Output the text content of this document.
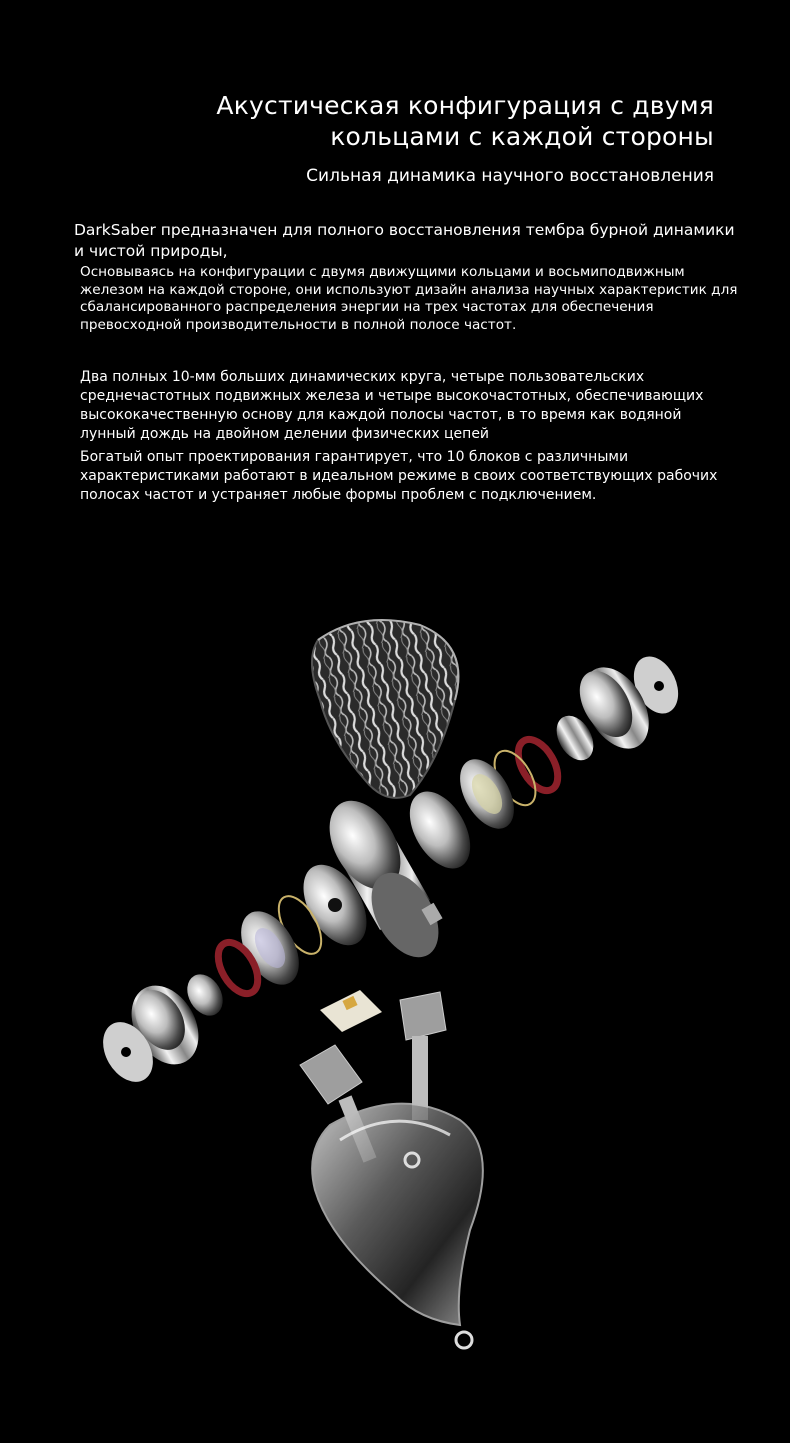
Акустическая конфигурация с двумя
кольцами с каждой стороны
Сильная динамика научного восстановления
DarkSaber предназначен для полного восстановления тембра бурной динамики и чистой природы,
Основываясь на конфигурации с двумя движущими кольцами и восьмиподвижным железом на каждой стороне, они используют дизайн анализа научных характеристик для сбалансированного распределения энергии на трех частотах для обеспечения превосходной производительности в полной полосе частот.
Два полных 10-мм больших динамических круга, четыре пользовательских среднечастотных подвижных железа и четыре высокочастотных, обеспечивающих высококачественную основу для каждой полосы частот, в то время как водяной лунный дождь на двойном делении физических цепей
Богатый опыт проектирования гарантирует, что 10 блоков с различными характеристиками работают в идеальном режиме в своих соответствующих рабочих полосах частот и устраняет любые формы проблем с подключением.
